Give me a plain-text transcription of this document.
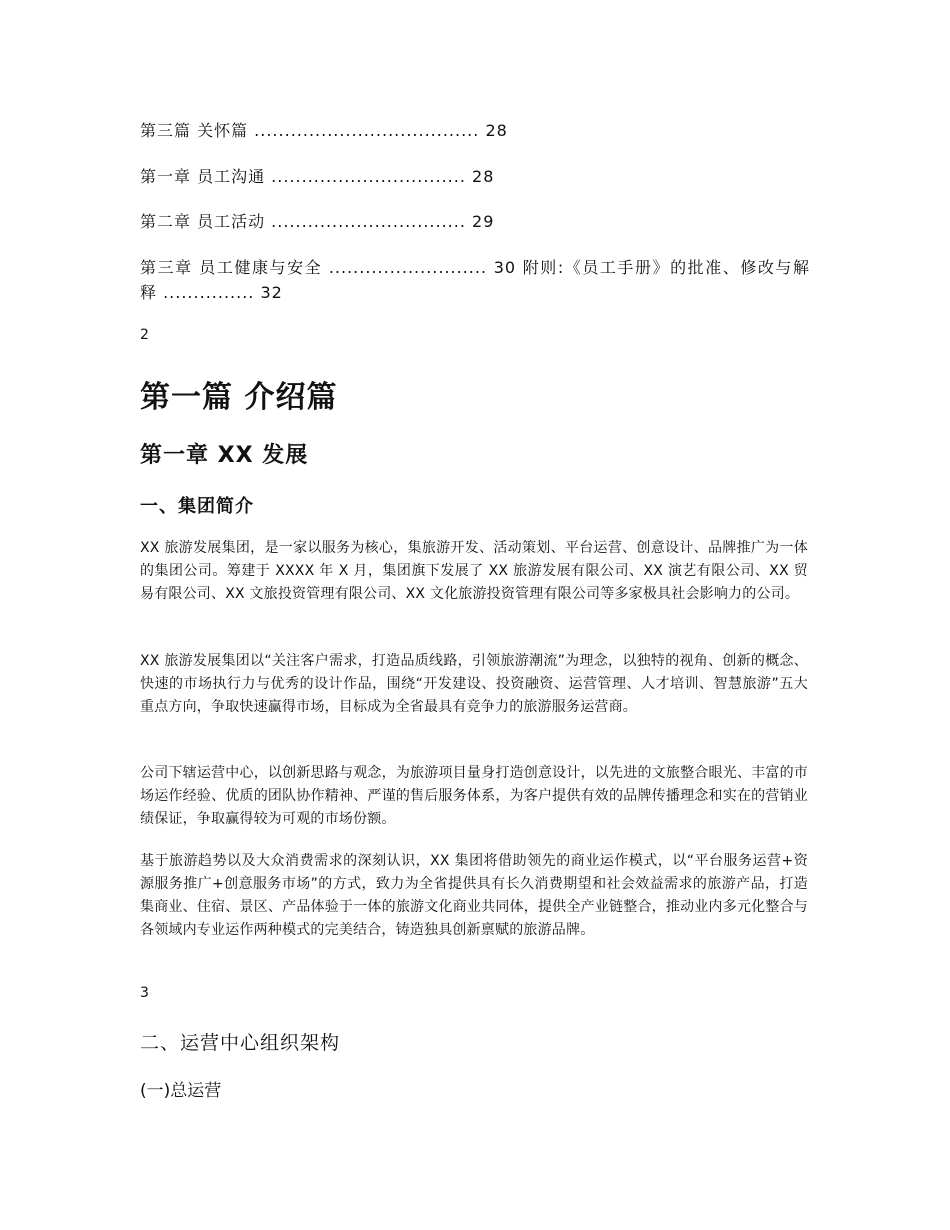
第三篇 关怀篇 ..................................... 28
第一章 员工沟通 ................................ 28
第二章 员工活动 ................................ 29
第三章 员工健康与安全 .......................... 30 附则:《员工手册》的批准、修改与解释 ............... 32
2
第一篇 介绍篇
第一章 XX 发展
一、集团简介

XX 旅游发展集团，是一家以服务为核心，集旅游开发、活动策划、平台运营、创意设计、品牌推广为一体的集团公司。筹建于 XXXX 年 X 月，集团旗下发展了 XX 旅游发展有限公司、XX 演艺有限公司、XX 贸易有限公司、XX 文旅投资管理有限公司、XX 文化旅游投资管理有限公司等多家极具社会影响力的公司。

XX 旅游发展集团以“关注客户需求，打造品质线路，引领旅游潮流”为理念，以独特的视角、创新的概念、快速的市场执行力与优秀的设计作品，围绕“开发建设、投资融资、运营管理、人才培训、智慧旅游”五大重点方向，争取快速赢得市场，目标成为全省最具有竞争力的旅游服务运营商。

公司下辖运营中心，以创新思路与观念，为旅游项目量身打造创意设计，以先进的文旅整合眼光、丰富的市场运作经验、优质的团队协作精神、严谨的售后服务体系，为客户提供有效的品牌传播理念和实在的营销业绩保证，争取赢得较为可观的市场份额。

基于旅游趋势以及大众消费需求的深刻认识，XX 集团将借助领先的商业运作模式，以“平台服务运营+资源服务推广+创意服务市场”的方式，致力为全省提供具有长久消费期望和社会效益需求的旅游产品，打造集商业、住宿、景区、产品体验于一体的旅游文化商业共同体，提供全产业链整合，推动业内多元化整合与各领域内专业运作两种模式的完美结合，铸造独具创新禀赋的旅游品牌。

3
二、运营中心组织架构
(一)总运营
